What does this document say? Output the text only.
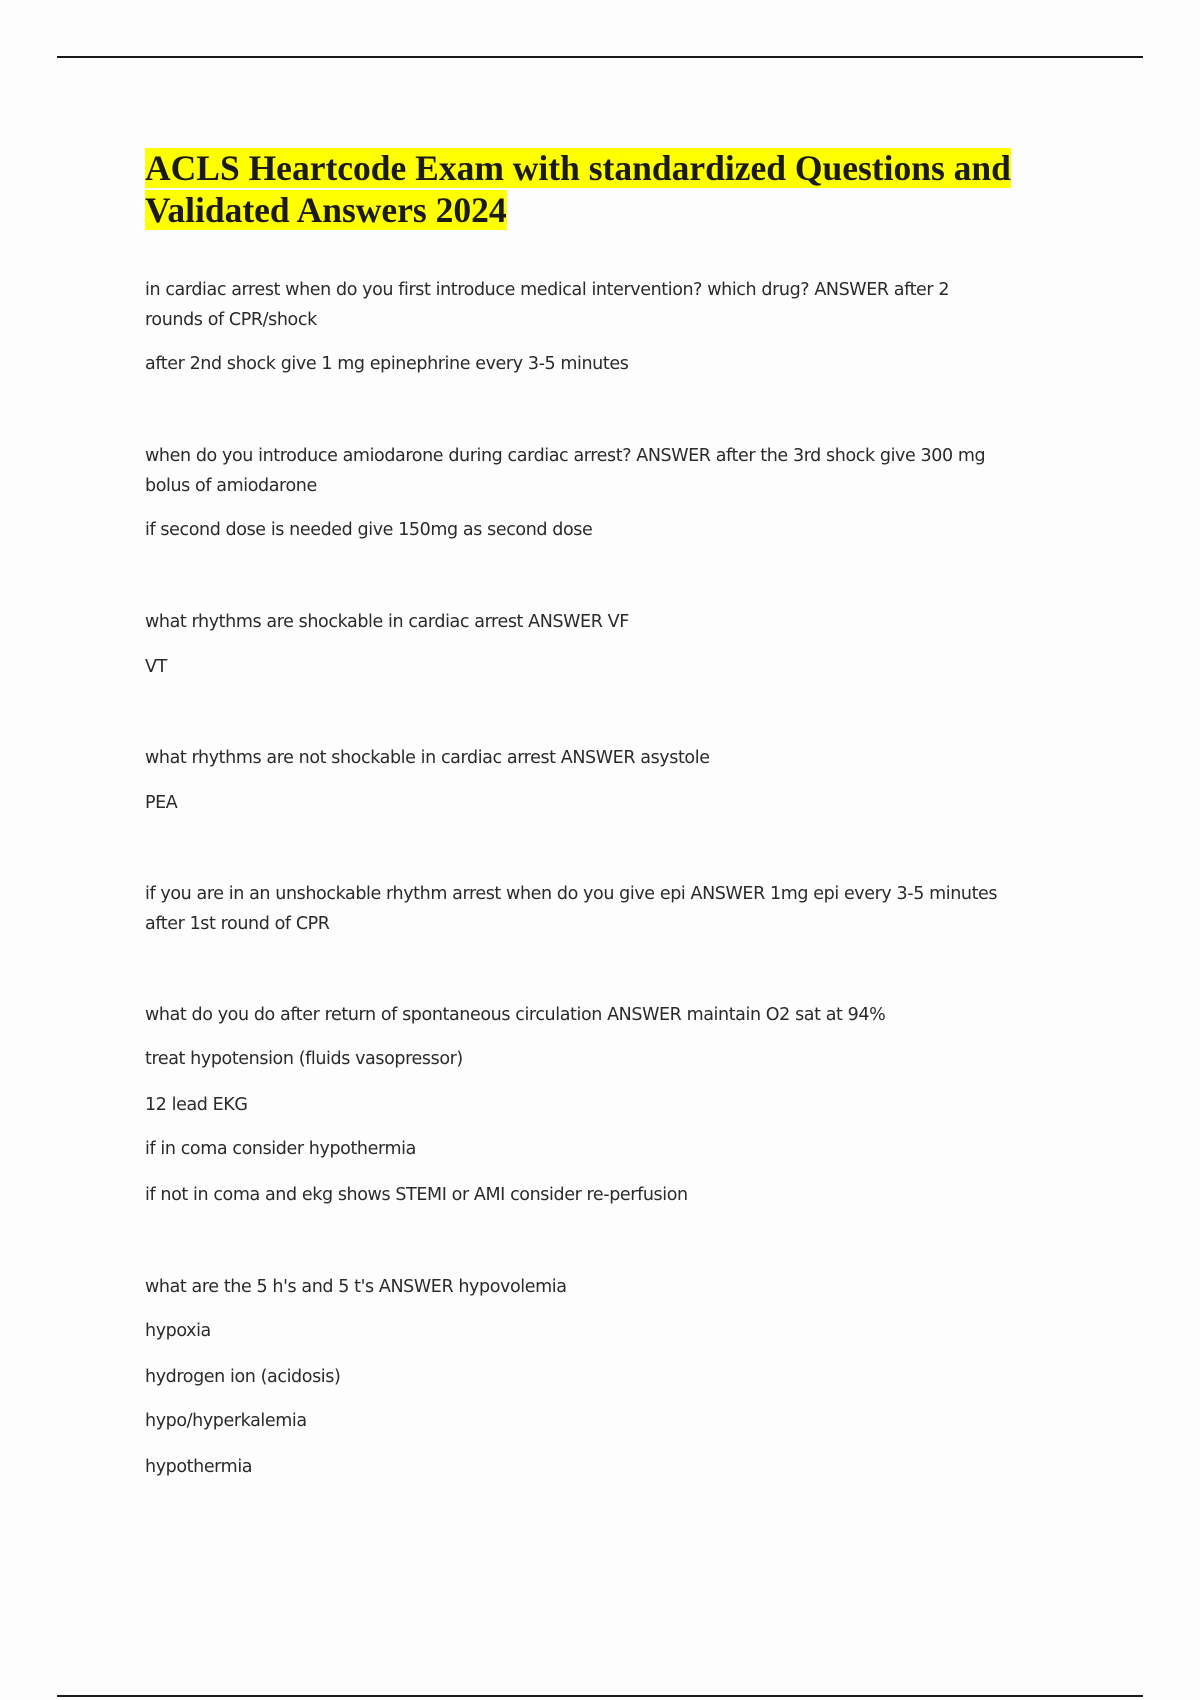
ACLS Heartcode Exam with standardized Questions and
Validated Answers 2024

in cardiac arrest when do you first introduce medical intervention? which drug? ANSWER after 2

rounds of CPR/shock

after 2nd shock give 1 mg epinephrine every 3-5 minutes

when do you introduce amiodarone during cardiac arrest? ANSWER after the 3rd shock give 300 mg

bolus of amiodarone

if second dose is needed give 150mg as second dose

what rhythms are shockable in cardiac arrest ANSWER VF

VT

what rhythms are not shockable in cardiac arrest ANSWER asystole

PEA

if you are in an unshockable rhythm arrest when do you give epi ANSWER 1mg epi every 3-5 minutes

after 1st round of CPR

what do you do after return of spontaneous circulation ANSWER maintain O2 sat at 94%

treat hypotension (fluids vasopressor)

12 lead EKG

if in coma consider hypothermia

if not in coma and ekg shows STEMI or AMI consider re-perfusion

what are the 5 h's and 5 t's ANSWER hypovolemia

hypoxia

hydrogen ion (acidosis)

hypo/hyperkalemia

hypothermia
